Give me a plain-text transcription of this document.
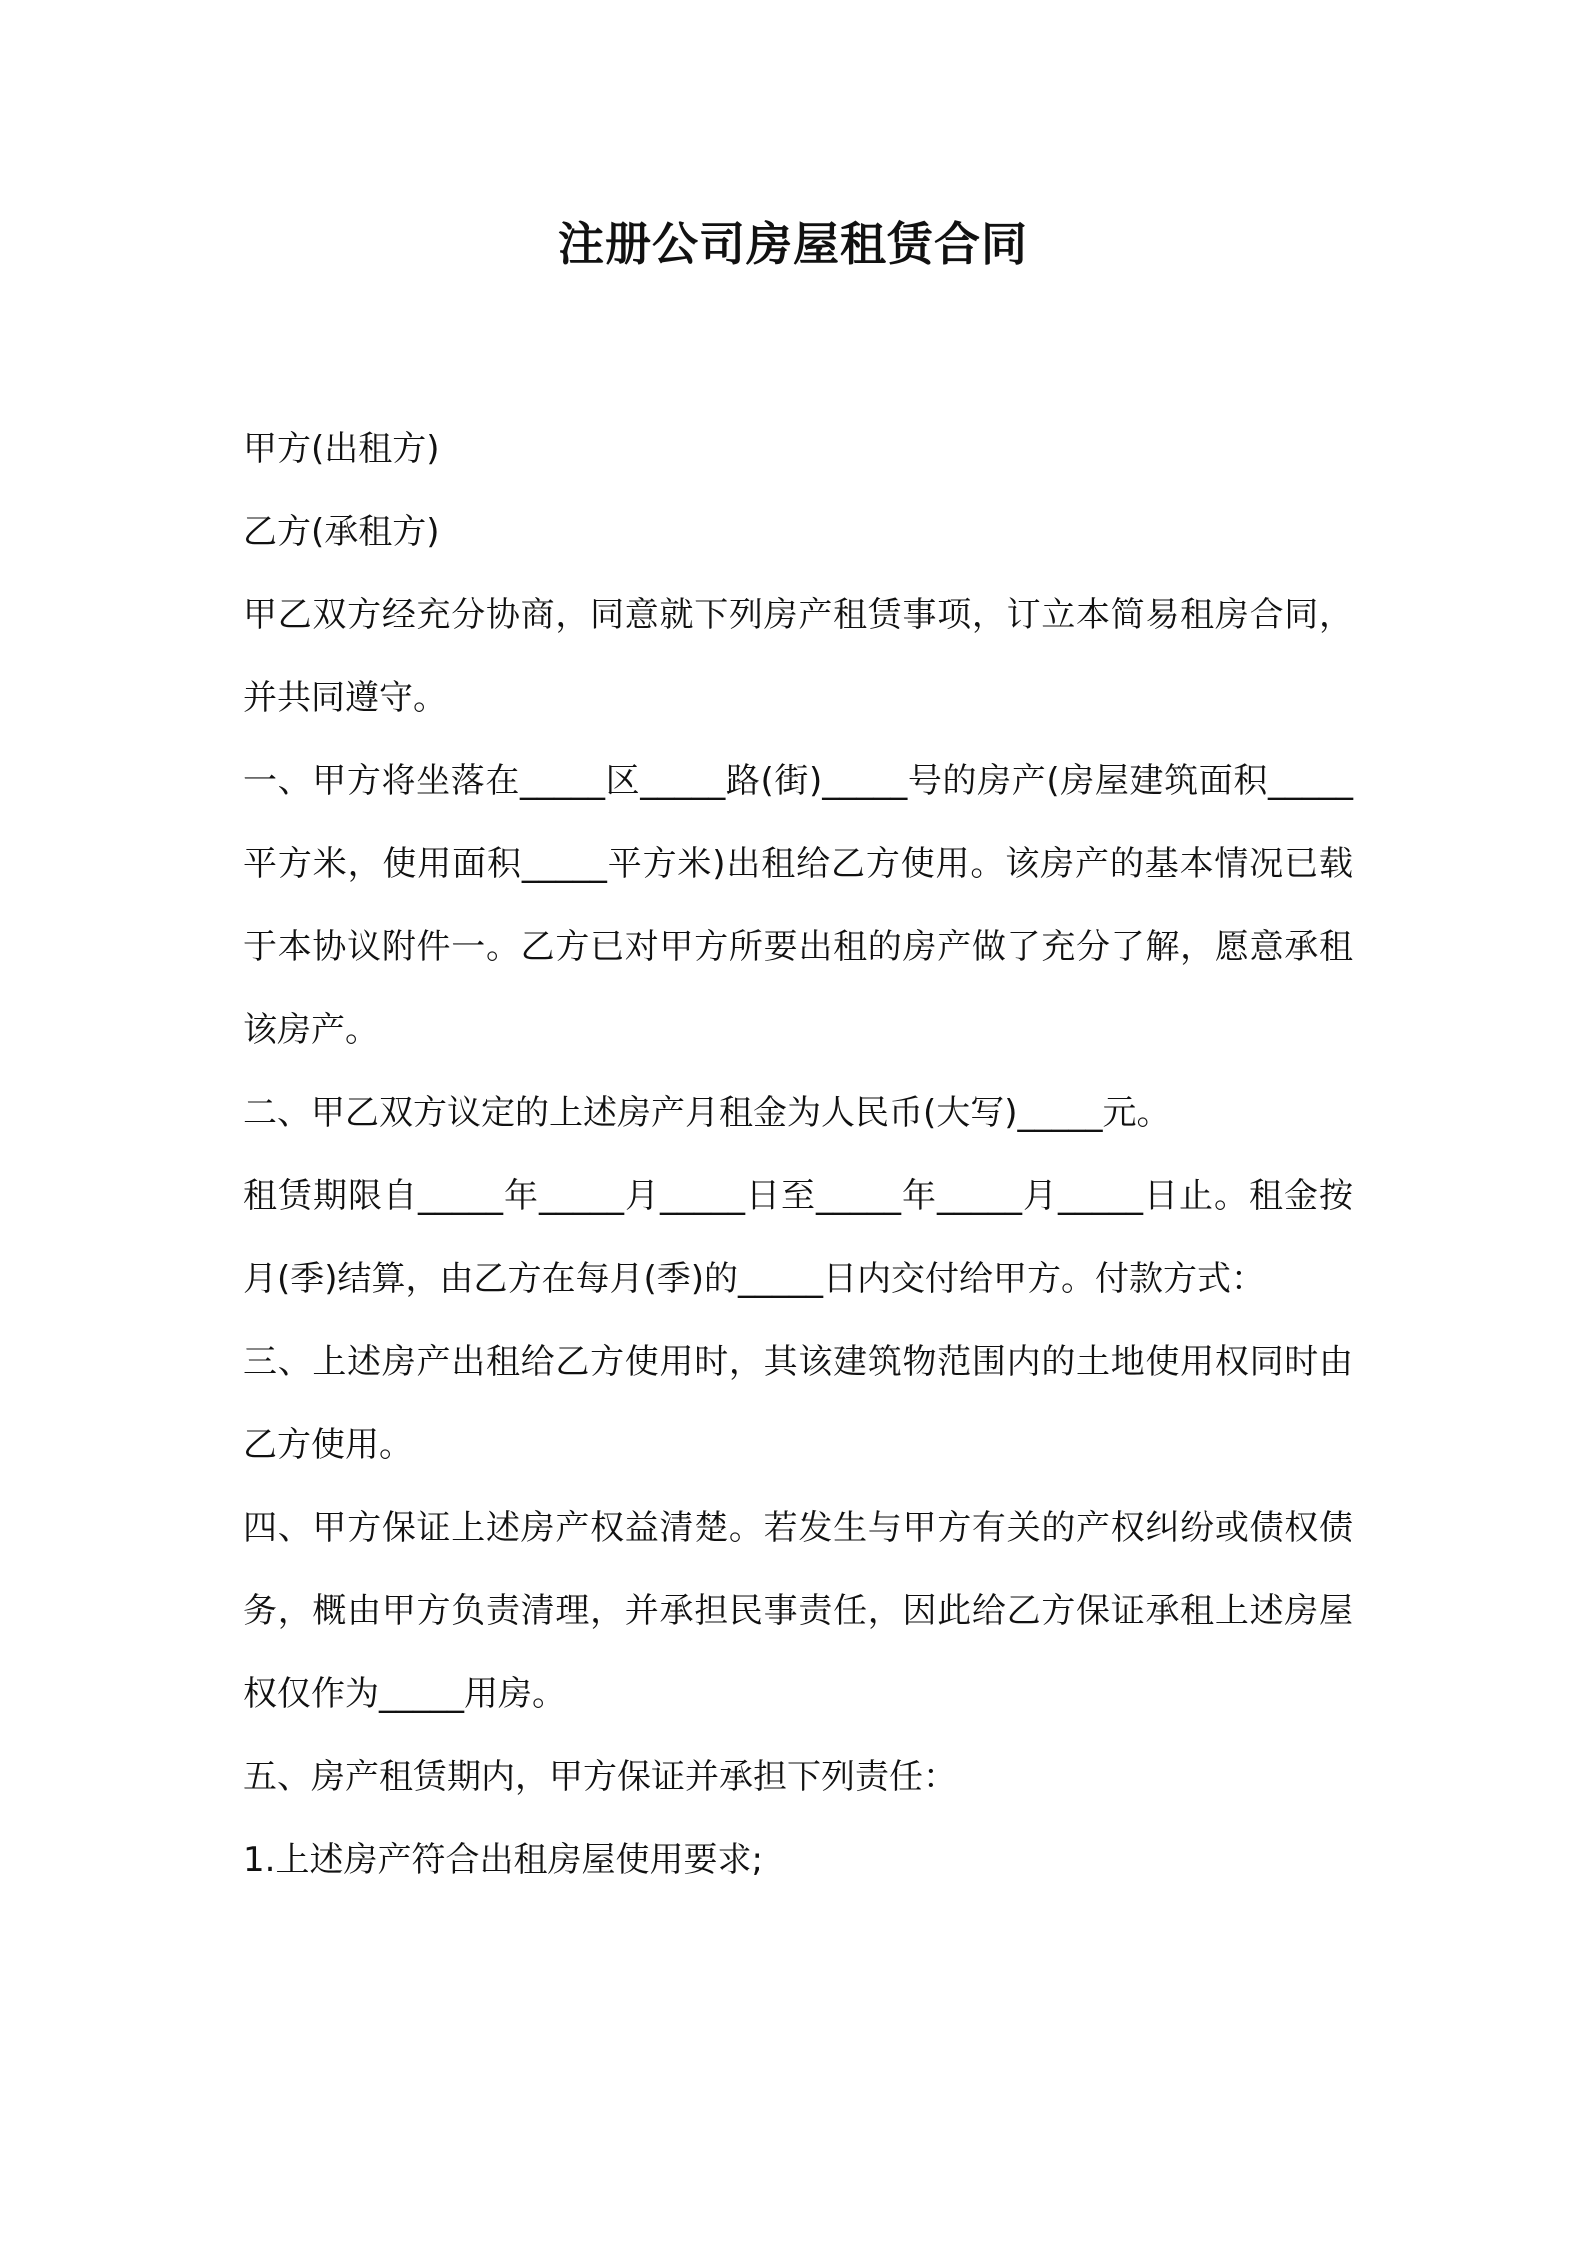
注册公司房屋租赁合同

甲方(出租方)

乙方(承租方)

甲乙双方经充分协商，同意就下列房产租赁事项，订立本简易租房合同，并共同遵守。

一、甲方将坐落在_____区_____路(街)_____号的房产(房屋建筑面积_____平方米，使用面积_____平方米)出租给乙方使用。该房产的基本情况已载于本协议附件一。乙方已对甲方所要出租的房产做了充分了解，愿意承租该房产。

二、甲乙双方议定的上述房产月租金为人民币(大写)_____元。

租赁期限自_____年_____月_____日至_____年_____月_____日止。租金按月(季)结算，由乙方在每月(季)的_____日内交付给甲方。付款方式：

三、上述房产出租给乙方使用时，其该建筑物范围内的土地使用权同时由乙方使用。

四、甲方保证上述房产权益清楚。若发生与甲方有关的产权纠纷或债权债务，概由甲方负责清理，并承担民事责任，因此给乙方保证承租上述房屋权仅作为_____用房。

五、房产租赁期内，甲方保证并承担下列责任：

1.上述房产符合出租房屋使用要求;
